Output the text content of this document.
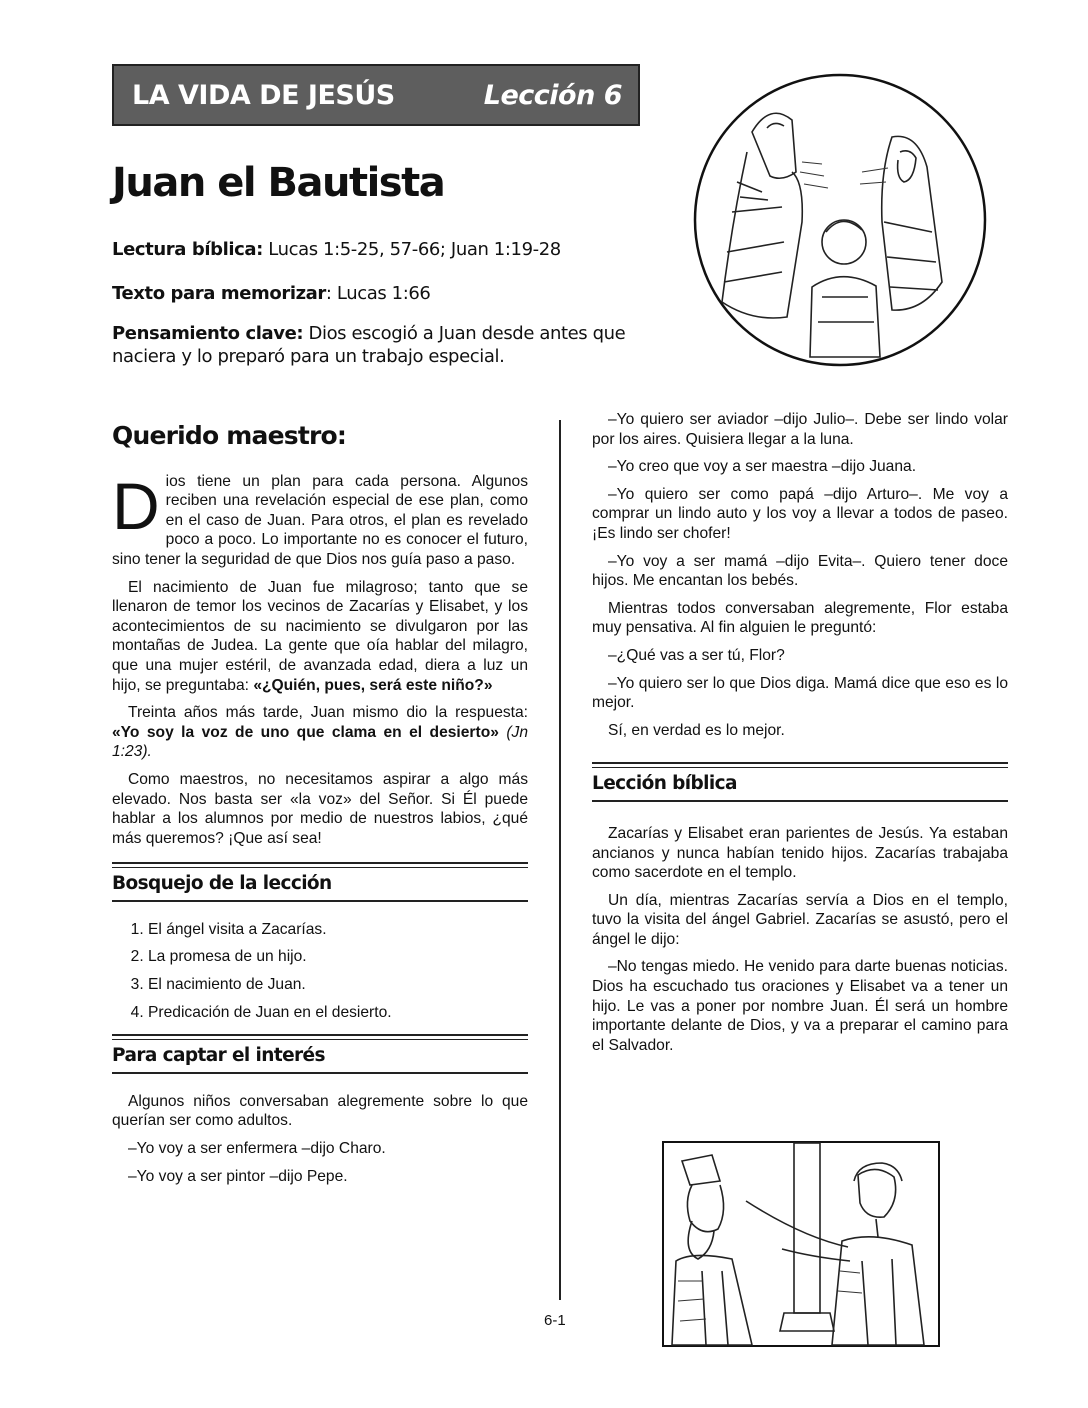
LA VIDA DE JESÚS	Lección 6
Juan el Bautista

Lectura bíblica: Lucas 1:5-25, 57-66; Juan 1:19-28

Texto para memorizar: Lucas 1:66

Pensamiento clave: Dios escogió a Juan desde antes que naciera y lo preparó para un trabajo especial.

Querido maestro:

Dios tiene un plan para cada persona. Algunos reciben una revelación especial de ese plan, como en el caso de Juan. Para otros, el plan es revelado poco a poco. Lo importante no es conocer el futuro, sino tener la seguridad de que Dios nos guía paso a paso.

El nacimiento de Juan fue milagroso; tanto que se llenaron de temor los vecinos de Zacarías y Elisabet, y los acontecimientos de su nacimiento se divulgaron por las montañas de Judea. La gente que oía hablar del milagro, que una mujer estéril, de avanzada edad, diera a luz un hijo, se preguntaba: «¿Quién, pues, será este niño?»

Treinta años más tarde, Juan mismo dio la respuesta: «Yo soy la voz de uno que clama en el desierto» (Jn 1:23).

Como maestros, no necesitamos aspirar a algo más elevado. Nos basta ser «la voz» del Señor. Si Él puede hablar a los alumnos por medio de nuestros labios, ¿qué más queremos? ¡Que así sea!

Bosquejo de la lección
1. El ángel visita a Zacarías.
2. La promesa de un hijo.
3. El nacimiento de Juan.
4. Predicación de Juan en el desierto.
Para captar el interés

Algunos niños conversaban alegremente sobre lo que querían ser como adultos.

–Yo voy a ser enfermera –dijo Charo.

–Yo voy a ser pintor –dijo Pepe.

–Yo quiero ser aviador –dijo Julio–. Debe ser lindo volar por los aires. Quisiera llegar a la luna.

–Yo creo que voy a ser maestra –dijo Juana.

–Yo quiero ser como papá –dijo Arturo–. Me voy a comprar un lindo auto y los voy a llevar a todos de paseo. ¡Es lindo ser chofer!

–Yo voy a ser mamá –dijo Evita–. Quiero tener doce hijos. Me encantan los bebés.

Mientras todos conversaban alegremente, Flor estaba muy pensativa. Al fin alguien le preguntó:

–¿Qué vas a ser tú, Flor?

–Yo quiero ser lo que Dios diga. Mamá dice que eso es lo mejor.

Sí, en verdad es lo mejor.

Lección bíblica

Zacarías y Elisabet eran parientes de Jesús. Ya estaban ancianos y nunca habían tenido hijos. Zacarías trabajaba como sacerdote en el templo.

Un día, mientras Zacarías servía a Dios en el templo, tuvo la visita del ángel Gabriel. Zacarías se asustó, pero el ángel le dijo:

–No tengas miedo. He venido para darte buenas noticias. Dios ha escuchado tus oraciones y Elisabet va a tener un hijo. Le vas a poner por nombre Juan. Él será un hombre importante delante de Dios, y va a preparar el camino para el Salvador.

6-1
